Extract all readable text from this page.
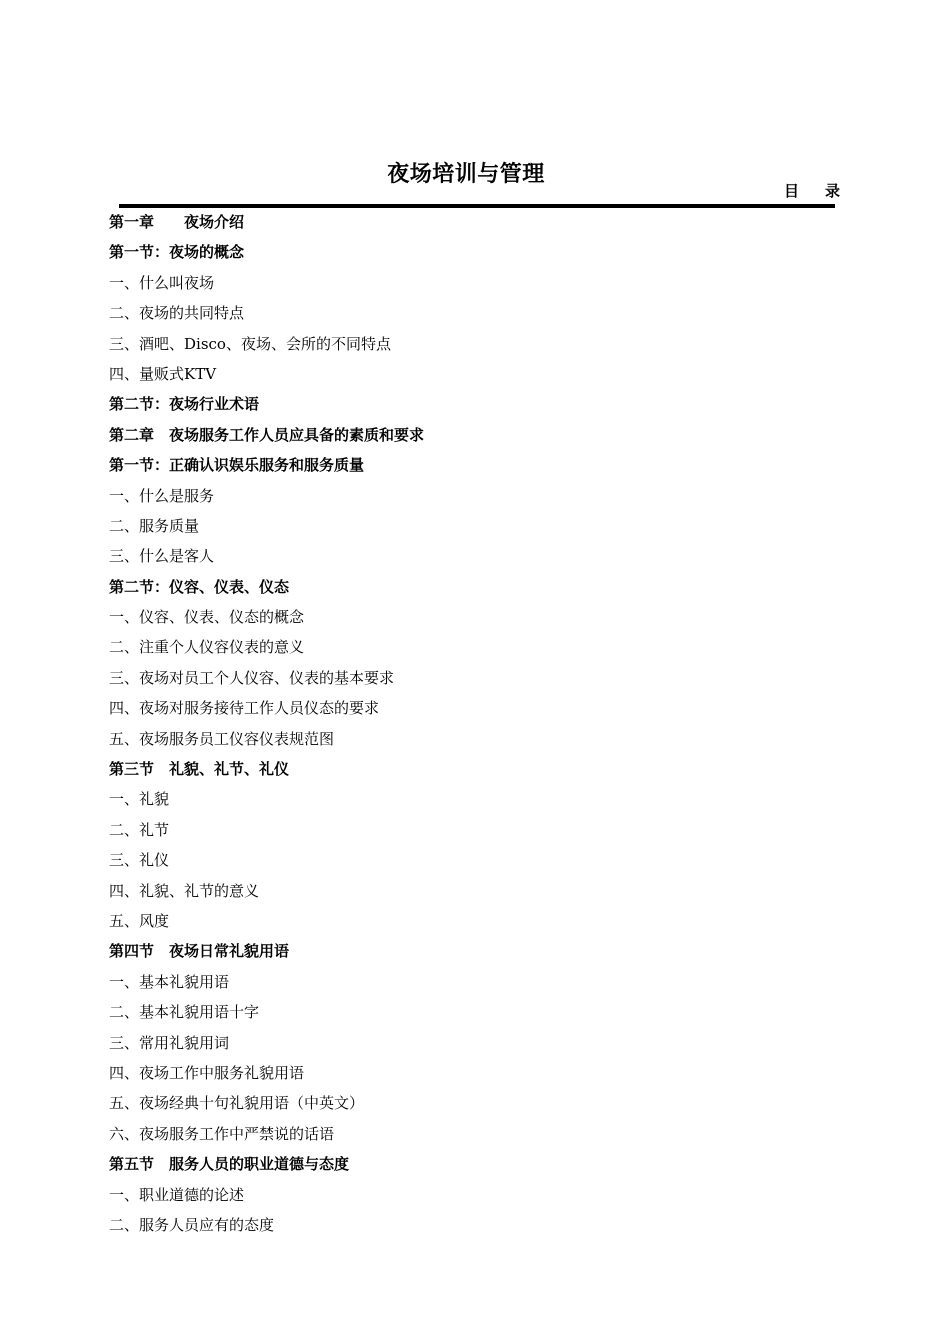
夜场培训与管理
目录
第一章　　夜场介绍
第一节：夜场的概念
一、什么叫夜场
二、夜场的共同特点
三、酒吧、Disco、夜场、会所的不同特点
四、量贩式KTV
第二节：夜场行业术语
第二章　夜场服务工作人员应具备的素质和要求
第一节：正确认识娱乐服务和服务质量
一、什么是服务
二、服务质量
三、什么是客人
第二节：仪容、仪表、仪态
一、仪容、仪表、仪态的概念
二、注重个人仪容仪表的意义
三、夜场对员工个人仪容、仪表的基本要求
四、夜场对服务接待工作人员仪态的要求
五、夜场服务员工仪容仪表规范图
第三节　礼貌、礼节、礼仪
一、礼貌
二、礼节
三、礼仪
四、礼貌、礼节的意义
五、风度
第四节　夜场日常礼貌用语
一、基本礼貌用语
二、基本礼貌用语十字
三、常用礼貌用词
四、夜场工作中服务礼貌用语
五、夜场经典十句礼貌用语（中英文）
六、夜场服务工作中严禁说的话语
第五节　服务人员的职业道德与态度
一、职业道德的论述
二、服务人员应有的态度
